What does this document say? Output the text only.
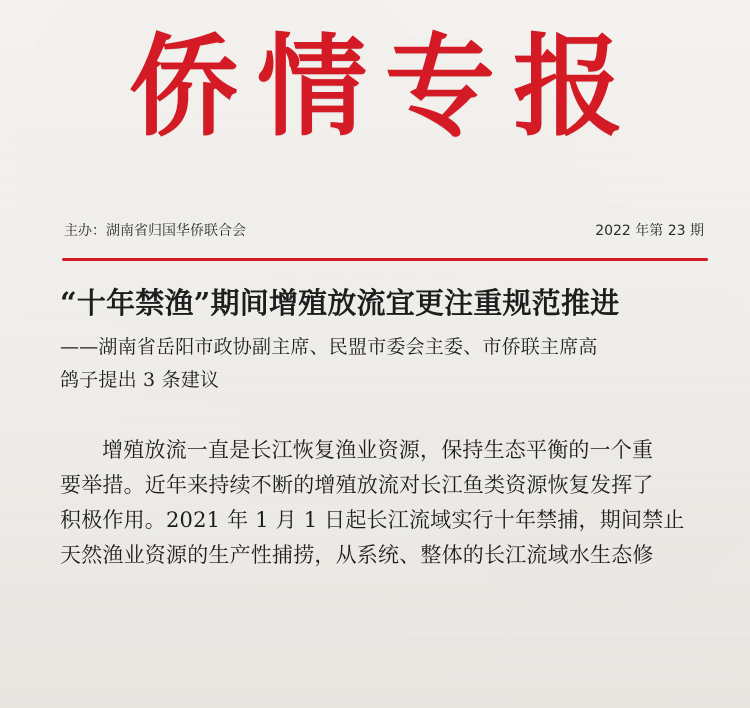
侨情专报
主办：湖南省归国华侨联合会	2022 年第 23 期
“十年禁渔”期间增殖放流宜更注重规范推进
——湖南省岳阳市政协副主席、民盟市委会主委、市侨联主席高
鸽子提出 3 条建议
增殖放流一直是长江恢复渔业资源，保持生态平衡的一个重
要举措。近年来持续不断的增殖放流对长江鱼类资源恢复发挥了
积极作用。2021 年 1 月 1 日起长江流域实行十年禁捕，期间禁止
天然渔业资源的生产性捕捞，从系统、整体的长江流域水生态修
